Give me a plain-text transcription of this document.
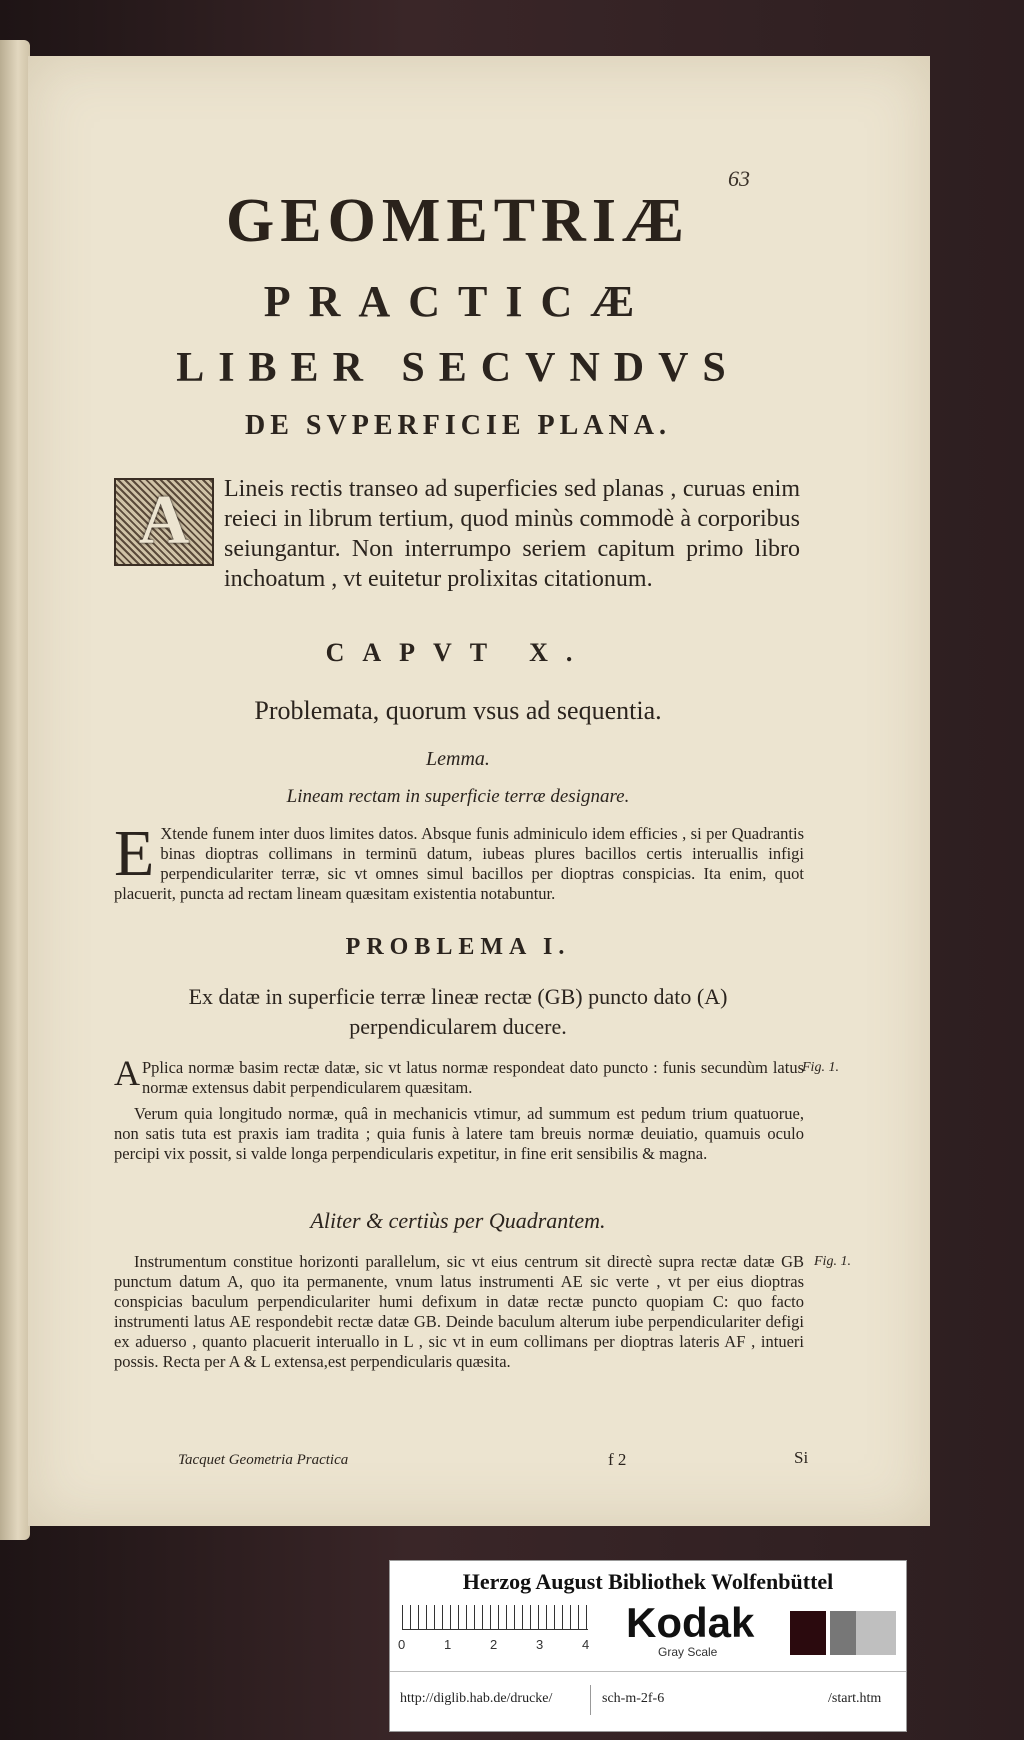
63

GEOMETRIÆ
PRACTICÆ
LIBER SECVNDVS
DE SVPERFICIE PLANA.
A	Lineis rectis transeo ad superficies sed planas , curuas enim reieci in librum tertium, quod minùs commodè à corporibus seiungantur. Non interrumpo seriem capitum primo libro inchoatum , vt euitetur prolixitas citationum.
CAPVT X.

Problemata, quorum vsus ad sequentia.

Lemma.

Lineam rectam in superficie terræ designare.

E Xtende funem inter duos limites datos. Absque funis adminiculo idem efficies , si per Quadrantis binas dioptras collimans in terminū datum, iubeas plures bacillos certis interuallis infigi perpendiculariter terræ, sic vt omnes simul bacillos per dioptras conspicias. Ita enim, quot placuerit, puncta ad rectam lineam quæsitam existentia notabuntur.
PROBLEMA I.

Ex datæ in superficie terræ lineæ rectæ (GB) puncto dato (A) perpendicularem ducere.

A Pplica normæ basim rectæ datæ, sic vt latus normæ respondeat dato puncto : funis secundùm latus normæ extensus dabit perpendicularem quæsitam.

Fig. 1.

Verum quia longitudo normæ, quâ in mechanicis vtimur, ad summum est pedum trium quatuorue, non satis tuta est praxis iam tradita ; quia funis à latere tam breuis normæ deuiatio, quamuis oculo percipi vix possit, si valde longa perpendicularis expetitur, in fine erit sensibilis & magna.

Aliter & certiùs per Quadrantem.

Instrumentum constitue horizonti parallelum, sic vt eius centrum sit directè supra rectæ datæ GB punctum datum A, quo ita permanente, vnum latus instrumenti AE sic verte , vt per eius dioptras conspicias baculum perpendiculariter humi defixum in datæ rectæ puncto quopiam C: quo facto instrumenti latus AE respondebit rectæ datæ GB. Deinde baculum alterum iube perpendiculariter defigi ex aduerso , quanto placuerit interuallo in L , sic vt in eum collimans per dioptras lateris AF , intueri possis. Recta per A & L extensa,est perpendicularis quæsita.

Fig. 1.

Tacquet Geometria Practica	f 2	Si

Herzog August Bibliothek Wolfenbüttel

0	1	2	3	4 Kodak

Gray Scale

http://diglib.hab.de/drucke/	sch-m-2f-6	/start.htm
